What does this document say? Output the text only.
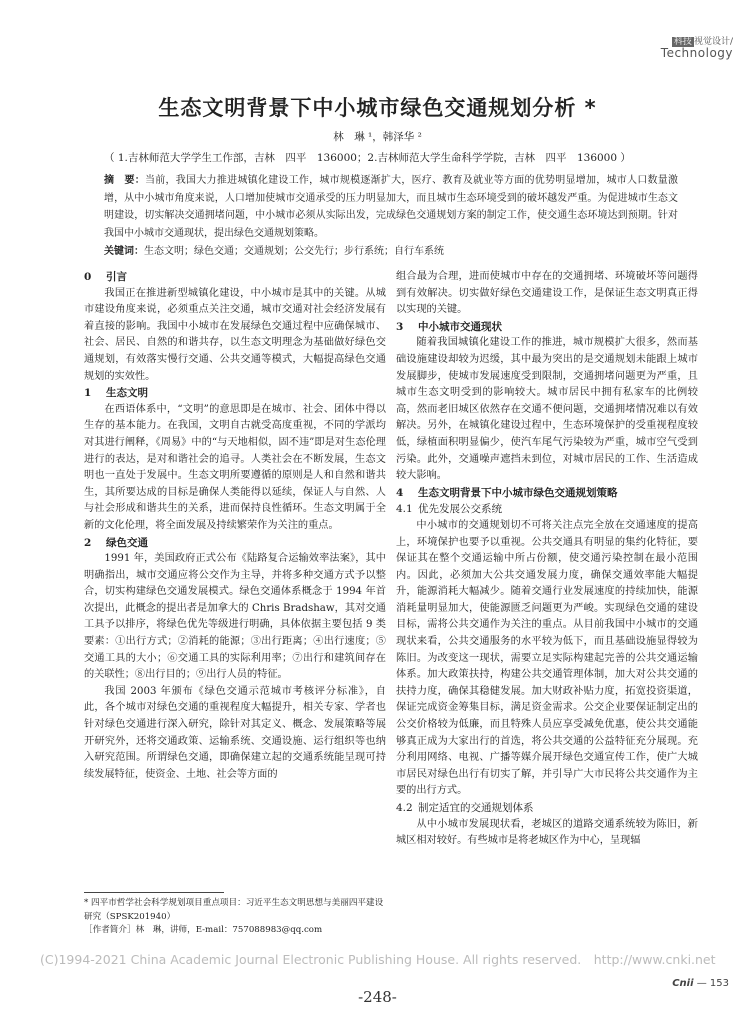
科技 视觉设计/
Technology
生态文明背景下中小城市绿色交通规划分析 *
林　琳 ¹，韩泽华 ²
（ 1.吉林师范大学学生工作部，吉林　四平　136000；2.吉林师范大学生命科学学院，吉林　四平　136000 ）
摘　要：当前，我国大力推进城镇化建设工作，城市规模逐渐扩大，医疗、教育及就业等方面的优势明显增加，城市人口数量激增，从中小城市角度来说，人口增加使城市交通承受的压力明显加大，而且城市生态环境受到的破坏越发严重。为促进城市生态文明建设，切实解决交通拥堵问题，中小城市必须从实际出发，完成绿色交通规划方案的制定工作，使交通生态环境达到预期。针对我国中小城市交通现状，提出绿色交通规划策略。
关键词：生态文明；绿色交通；交通规划；公交先行；步行系统；自行车系统

0 引言

我国正在推进新型城镇化建设，中小城市是其中的关键。从城市建设角度来说，必须重点关注交通，城市交通对社会经济发展有着直接的影响。我国中小城市在发展绿色交通过程中应确保城市、社会、居民、自然的和谐共存，以生态文明理念为基础做好绿色交通规划，有效落实慢行交通、公共交通等模式，大幅提高绿色交通规划的实效性。

1 生态文明

在西语体系中，“文明”的意思即是在城市、社会、团体中得以生存的基本能力。在我国，文明自古就受高度重视，不同的学派均对其进行阐释，《周易》中的“与天地相似，固不违”即是对生态伦理进行的表达，是对和谐社会的追寻。人类社会在不断发展，生态文明也一直处于发展中。生态文明所要遵循的原则是人和自然和谐共生，其所要达成的目标是确保人类能得以延续，保证人与自然、人与社会形成和谐共生的关系，进而保持良性循环。生态文明属于全新的文化伦理，将全面发展及持续繁荣作为关注的重点。

2 绿色交通

1991 年，美国政府正式公布《陆路复合运输效率法案》，其中明确指出，城市交通应将公交作为主导，并将多种交通方式予以整合，切实构建绿色交通发展模式。绿色交通体系概念于 1994 年首次提出，此概念的提出者是加拿大的 Chris Bradshaw，其对交通工具予以排序，将绿色优先等级进行明确，具体依据主要包括 9 类要素：①出行方式；②消耗的能源；③出行距离；④出行速度；⑤交通工具的大小；⑥交通工具的实际利用率；⑦出行和建筑间存在的关联性；⑧出行目的；⑨出行人员的特征。

我国 2003 年颁布《绿色交通示范城市考核评分标准》，自此，各个城市对绿色交通的重视程度大幅提升，相关专家、学者也针对绿色交通进行深入研究，除针对其定义、概念、发展策略等展开研究外，还将交通政策、运输系统、交通设施、运行组织等也纳入研究范围。所谓绿色交通，即确保建立起的交通系统能呈现可持续发展特征，使资金、土地、社会等方面的

* 四平市哲学社会科学规划项目重点项目：习近平生态文明思想与美丽四平建设研究（SPSK201940）
［作者简介］林　琳，讲师，E-mail：757088983@qq.com

组合最为合理，进而使城市中存在的交通拥堵、环境破坏等问题得到有效解决。切实做好绿色交通建设工作，是保证生态文明真正得以实现的关键。

3 中小城市交通现状

随着我国城镇化建设工作的推进，城市规模扩大很多，然而基础设施建设却较为迟缓，其中最为突出的是交通规划未能跟上城市发展脚步，使城市发展速度受到限制，交通拥堵问题更为严重，且城市生态文明受到的影响较大。城市居民中拥有私家车的比例较高，然而老旧城区依然存在交通不便问题，交通拥堵情况难以有效解决。另外，在城镇化建设过程中，生态环境保护的受重视程度较低，绿植面积明显偏少，使汽车尾气污染较为严重，城市空气受到污染。此外，交通噪声遮挡未到位，对城市居民的工作、生活造成较大影响。

4 生态文明背景下中小城市绿色交通规划策略

4.1 优先发展公交系统

中小城市的交通规划切不可将关注点完全放在交通速度的提高上，环境保护也要予以重视。公共交通具有明显的集约化特征，要保证其在整个交通运输中所占份额，使交通污染控制在最小范围内。因此，必须加大公共交通发展力度，确保交通效率能大幅提升，能源消耗大幅减少。随着交通行业发展速度的持续加快，能源消耗量明显加大，使能源匮乏问题更为严峻。实现绿色交通的建设目标，需将公共交通作为关注的重点。从目前我国中小城市的交通现状来看，公共交通服务的水平较为低下，而且基础设施显得较为陈旧。为改变这一现状，需要立足实际构建起完善的公共交通运输体系。加大政策扶持，构建公共交通管理体制，加大对公共交通的扶持力度，确保其稳健发展。加大财政补贴力度，拓宽投资渠道，保证完成资金筹集目标，满足资金需求。公交企业要保证制定出的公交价格较为低廉，而且特殊人员应享受减免优惠，使公共交通能够真正成为大家出行的首选，将公共交通的公益特征充分展现。充分利用网络、电视、广播等媒介展开绿色交通宣传工作，使广大城市居民对绿色出行有切实了解，并引导广大市民将公共交通作为主要的出行方式。

4.2 制定适宜的交通规划体系

从中小城市发展现状看，老城区的道路交通系统较为陈旧，新城区相对较好。有些城市是将老城区作为中心，呈现辐

(C)1994-2021 China Academic Journal Electronic Publishing House. All rights reserved.　http://www.cnki.net
-248-
Cnii — 153
